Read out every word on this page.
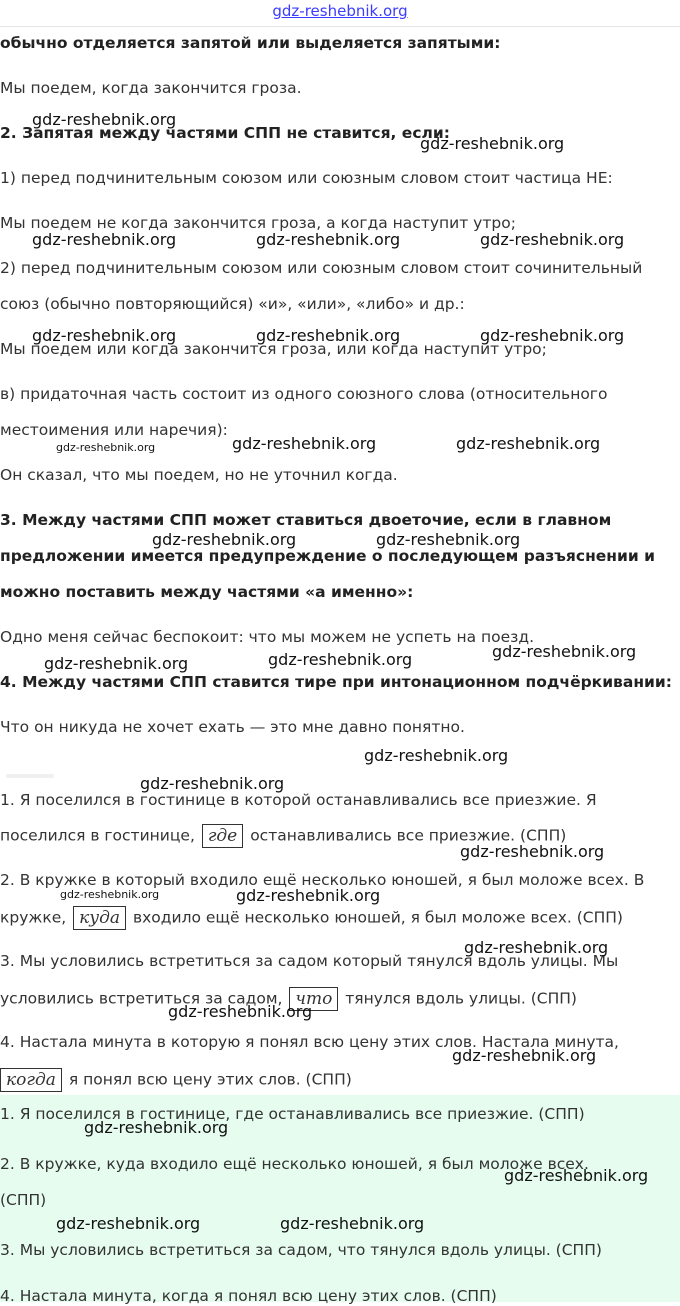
gdz-reshebnik.org
обычно отделяется запятой или выделяется запятыми:
Мы поедем, когда закончится гроза.
2. Запятая между частями СПП не ставится, если:
1) перед подчинительным союзом или союзным словом стоит частица НЕ:
Мы поедем не когда закончится гроза, а когда наступит утро;
2) перед подчинительным союзом или союзным словом стоит сочинительный
союз (обычно повторяющийся) «и», «или», «либо» и др.:
Мы поедем или когда закончится гроза, или когда наступит утро;
в) придаточная часть состоит из одного союзного слова (относительного
местоимения или наречия):
Он сказал, что мы поедем, но не уточнил когда.
3. Между частями СПП может ставиться двоеточие, если в главном
предложении имеется предупреждение о последующем разъяснении и
можно поставить между частями «а именно»:
Одно меня сейчас беспокоит: что мы можем не успеть на поезд.
4. Между частями СПП ставится тире при интонационном подчёркивании:
Что он никуда не хочет ехать — это мне давно понятно.
1. Я поселился в гостинице в которой останавливались все приезжие. Я
поселился в гостинице, где останавливались все приезжие. (СПП)
2. В кружке в который входило ещё несколько юношей, я был моложе всех. В
кружке, куда входило ещё несколько юношей, я был моложе всех. (СПП)
3. Мы условились встретиться за садом который тянулся вдоль улицы. Мы
условились встретиться за садом, что тянулся вдоль улицы. (СПП)
4. Настала минута в которую я понял всю цену этих слов. Настала минута,
когда я понял всю цену этих слов. (СПП)
1. Я поселился в гостинице, где останавливались все приезжие. (СПП)
2. В кружке, куда входило ещё несколько юношей, я был моложе всех.
(СПП)
3. Мы условились встретиться за садом, что тянулся вдоль улицы. (СПП)
4. Настала минута, когда я понял всю цену этих слов. (СПП)
gdz-reshebnik.org
gdz-reshebnik.org
gdz-reshebnik.org	gdz-reshebnik.org	gdz-reshebnik.org
gdz-reshebnik.org	gdz-reshebnik.org	gdz-reshebnik.org
gdz-reshebnik.org	gdz-reshebnik.org	gdz-reshebnik.org
gdz-reshebnik.org	gdz-reshebnik.org
gdz-reshebnik.org	gdz-reshebnik.org	gdz-reshebnik.org
gdz-reshebnik.org
gdz-reshebnik.org
gdz-reshebnik.org
gdz-reshebnik.org	gdz-reshebnik.org
gdz-reshebnik.org
gdz-reshebnik.org
gdz-reshebnik.org
gdz-reshebnik.org
gdz-reshebnik.org
gdz-reshebnik.org	gdz-reshebnik.org
